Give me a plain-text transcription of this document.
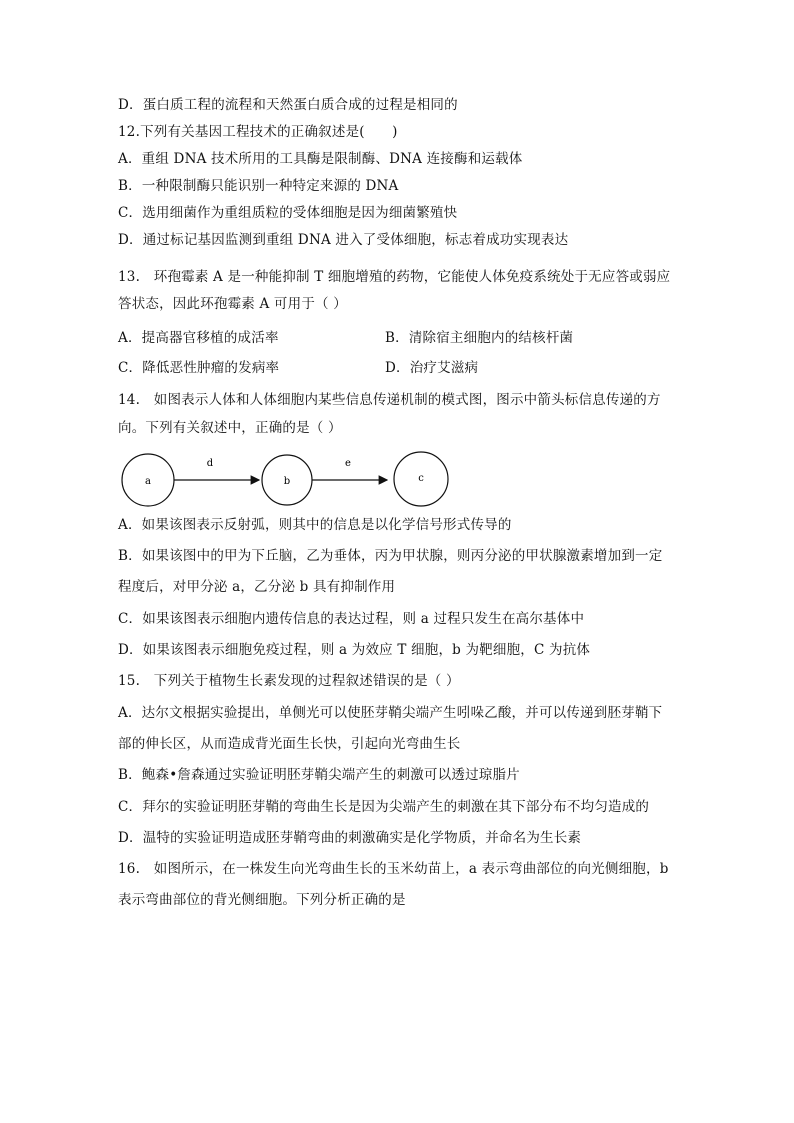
D．蛋白质工程的流程和天然蛋白质合成的过程是相同的
12.下列有关基因工程技术的正确叙述是(　　)
A．重组 DNA 技术所用的工具酶是限制酶、DNA 连接酶和运载体
B．一种限制酶只能识别一种特定来源的 DNA
C．选用细菌作为重组质粒的受体细胞是因为细菌繁殖快
D．通过标记基因监测到重组 DNA 进入了受体细胞，标志着成功实现表达
13.　环孢霉素 A 是一种能抑制 T 细胞增殖的药物，它能使人体免疫系统处于无应答或弱应
答状态，因此环孢霉素 A 可用于（ ）
A．提高器官移植的成活率	B．清除宿主细胞内的结核杆菌
C．降低恶性肿瘤的发病率	D．治疗艾滋病
14.　如图表示人体和人体细胞内某些信息传递机制的模式图，图示中箭头标信息传递的方
向。下列有关叙述中，正确的是（ ）
a
d
b
e
c
A．如果该图表示反射弧，则其中的信息是以化学信号形式传导的
B．如果该图中的甲为下丘脑，乙为垂体，丙为甲状腺，则丙分泌的甲状腺激素增加到一定
程度后，对甲分泌 a，乙分泌 b 具有抑制作用
C．如果该图表示细胞内遗传信息的表达过程，则 a 过程只发生在高尔基体中
D．如果该图表示细胞免疫过程，则 a 为效应 T 细胞，b 为靶细胞，C 为抗体
15.　下列关于植物生长素发现的过程叙述错误的是（ ）
A．达尔文根据实验提出，单侧光可以使胚芽鞘尖端产生吲哚乙酸，并可以传递到胚芽鞘下
部的伸长区，从而造成背光面生长快，引起向光弯曲生长
B．鲍森•詹森通过实验证明胚芽鞘尖端产生的刺激可以透过琼脂片
C．拜尔的实验证明胚芽鞘的弯曲生长是因为尖端产生的刺激在其下部分布不均匀造成的
D．温特的实验证明造成胚芽鞘弯曲的刺激确实是化学物质，并命名为生长素
16.　如图所示，在一株发生向光弯曲生长的玉米幼苗上，a 表示弯曲部位的向光侧细胞，b
表示弯曲部位的背光侧细胞。下列分析正确的是
